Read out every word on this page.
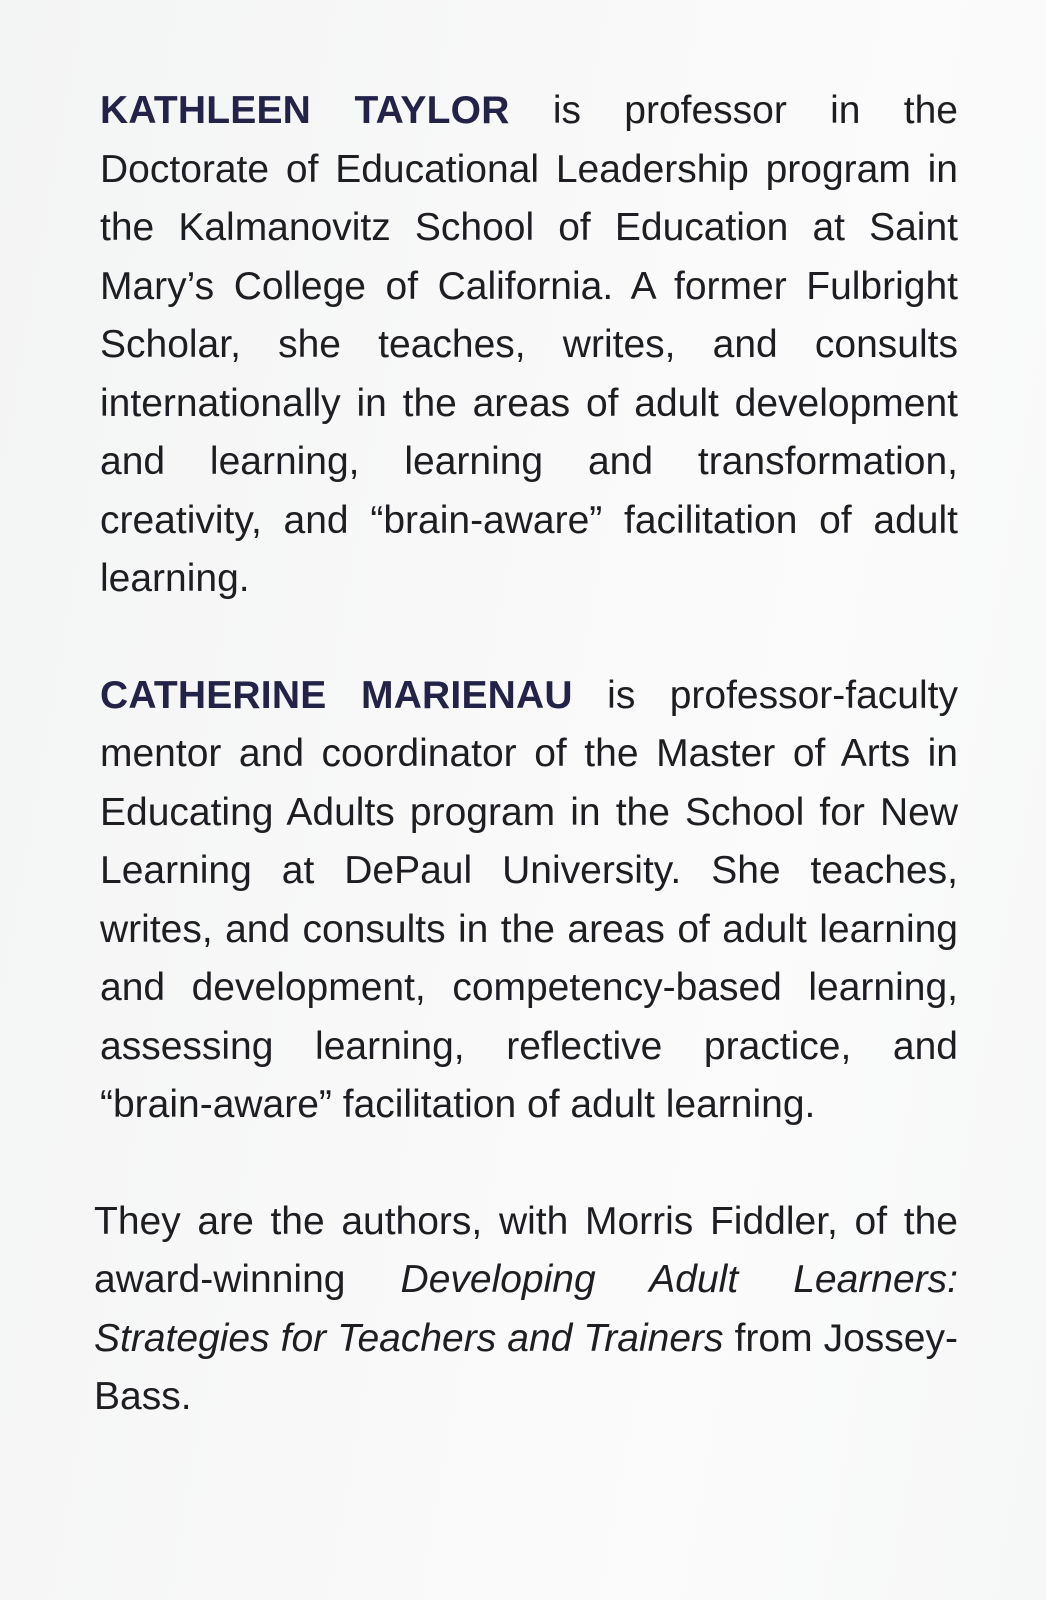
KATHLEEN TAYLOR is professor in the Doctorate of Educational Leadership program in the Kalmanovitz School of Education at Saint Mary’s College of California. A former Fulbright Scholar, she teaches, writes, and consults internationally in the areas of adult development and learning, learning and transformation, creativity, and “brain-aware” facilitation of adult learning.

CATHERINE MARIENAU is professor-faculty mentor and coordinator of the Master of Arts in Educating Adults program in the School for New Learning at DePaul University. She teaches, writes, and consults in the areas of adult learning and development, competency-based learning, assessing learning, reflective practice, and “brain-aware” facilitation of adult learning.

They are the authors, with Morris Fiddler, of the award-winning Developing Adult Learners: Strategies for Teachers and Trainers from Jossey-Bass.
